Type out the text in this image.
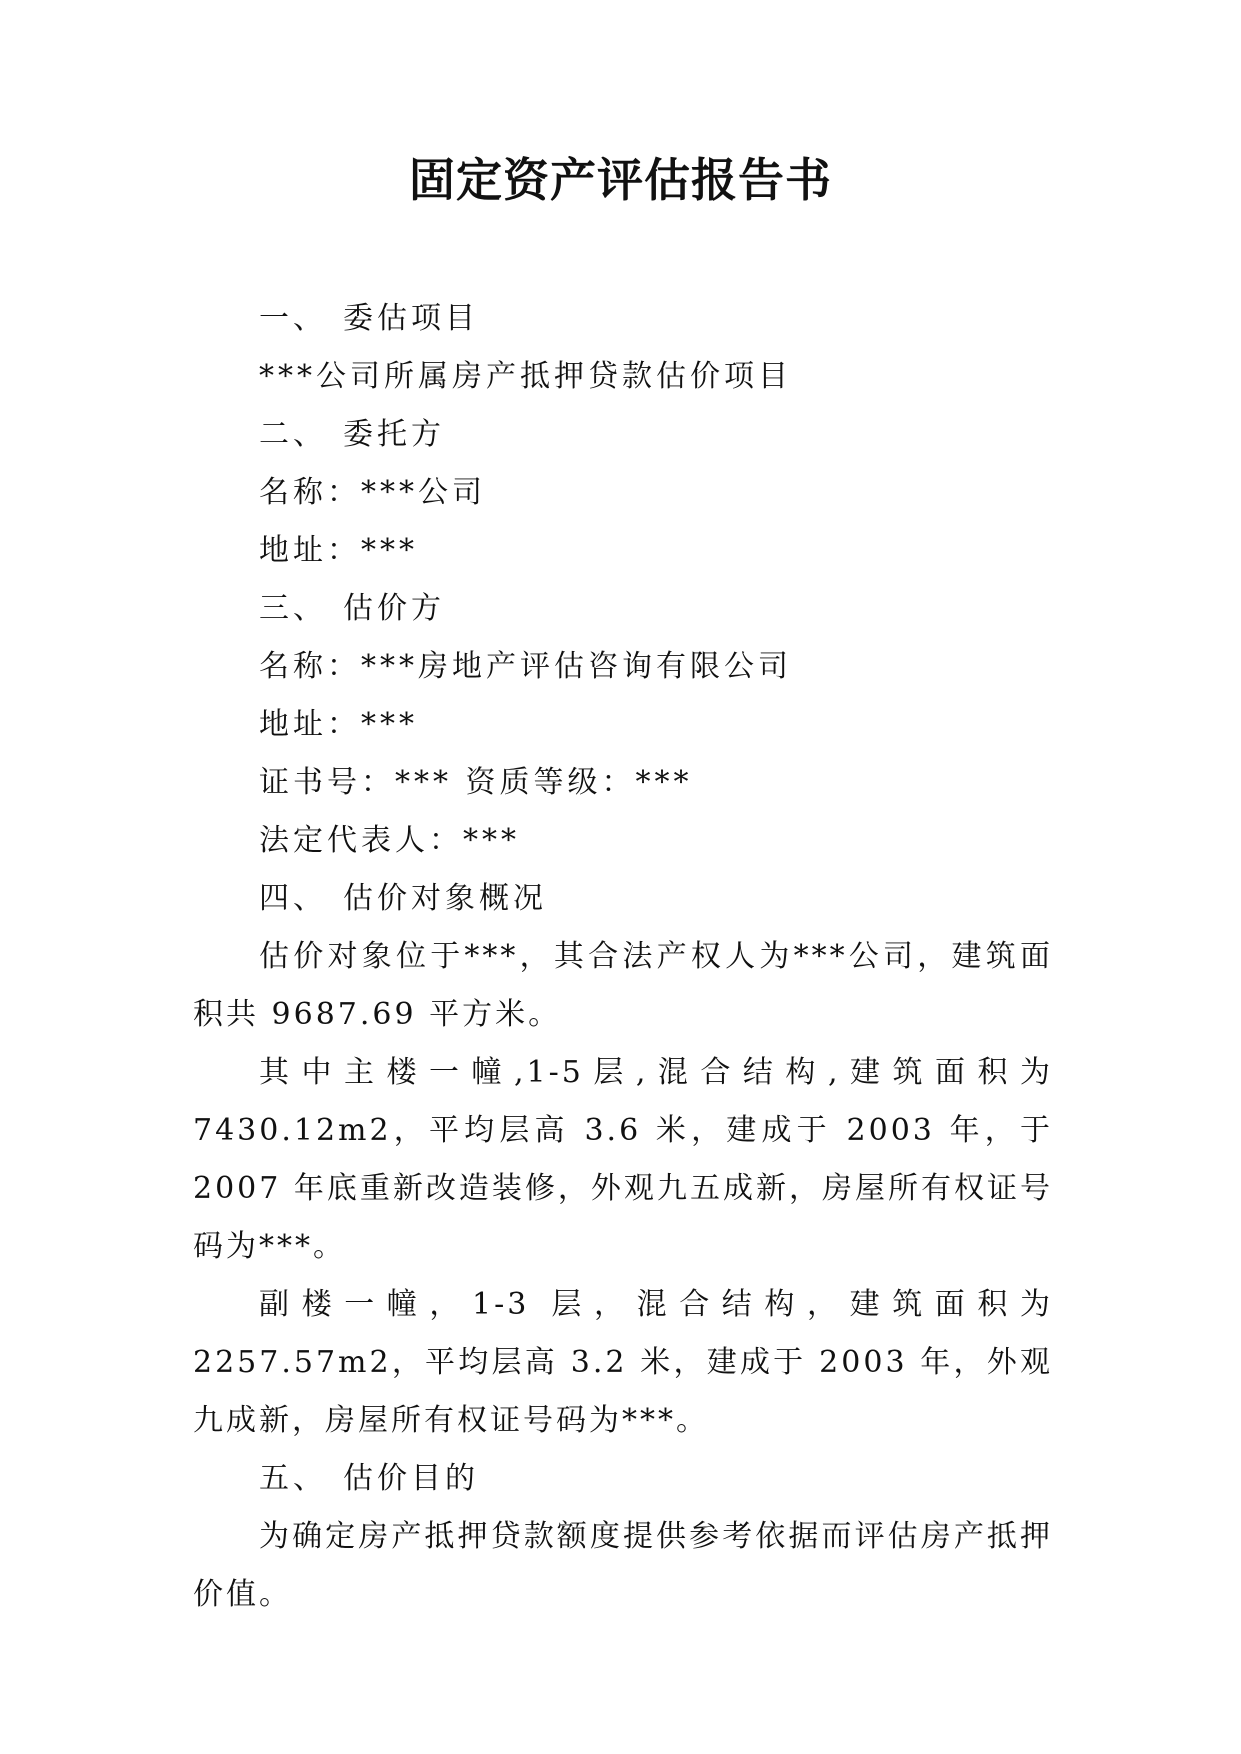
固定资产评估报告书
一、 委估项目
***公司所属房产抵押贷款估价项目
二、 委托方
名称：***公司
地址：***
三、 估价方
名称：***房地产评估咨询有限公司
地址：***
证书号：*** 资质等级：***
法定代表人：***
四、 估价对象概况
估价对象位于***，其合法产权人为***公司，建筑面积共 9687.69 平方米。
其中主楼一幢,1-5层,混合结构,建筑面积为7430.12m2，平均层高 3.6 米，建成于 2003 年，于 2007 年底重新改造装修，外观九五成新，房屋所有权证号码为***。
副楼一幢，1-3 层，混合结构，建筑面积为 2257.57m2，平均层高 3.2 米，建成于 2003 年，外观九成新，房屋所有权证号码为***。
五、 估价目的
为确定房产抵押贷款额度提供参考依据而评估房产抵押价值。
